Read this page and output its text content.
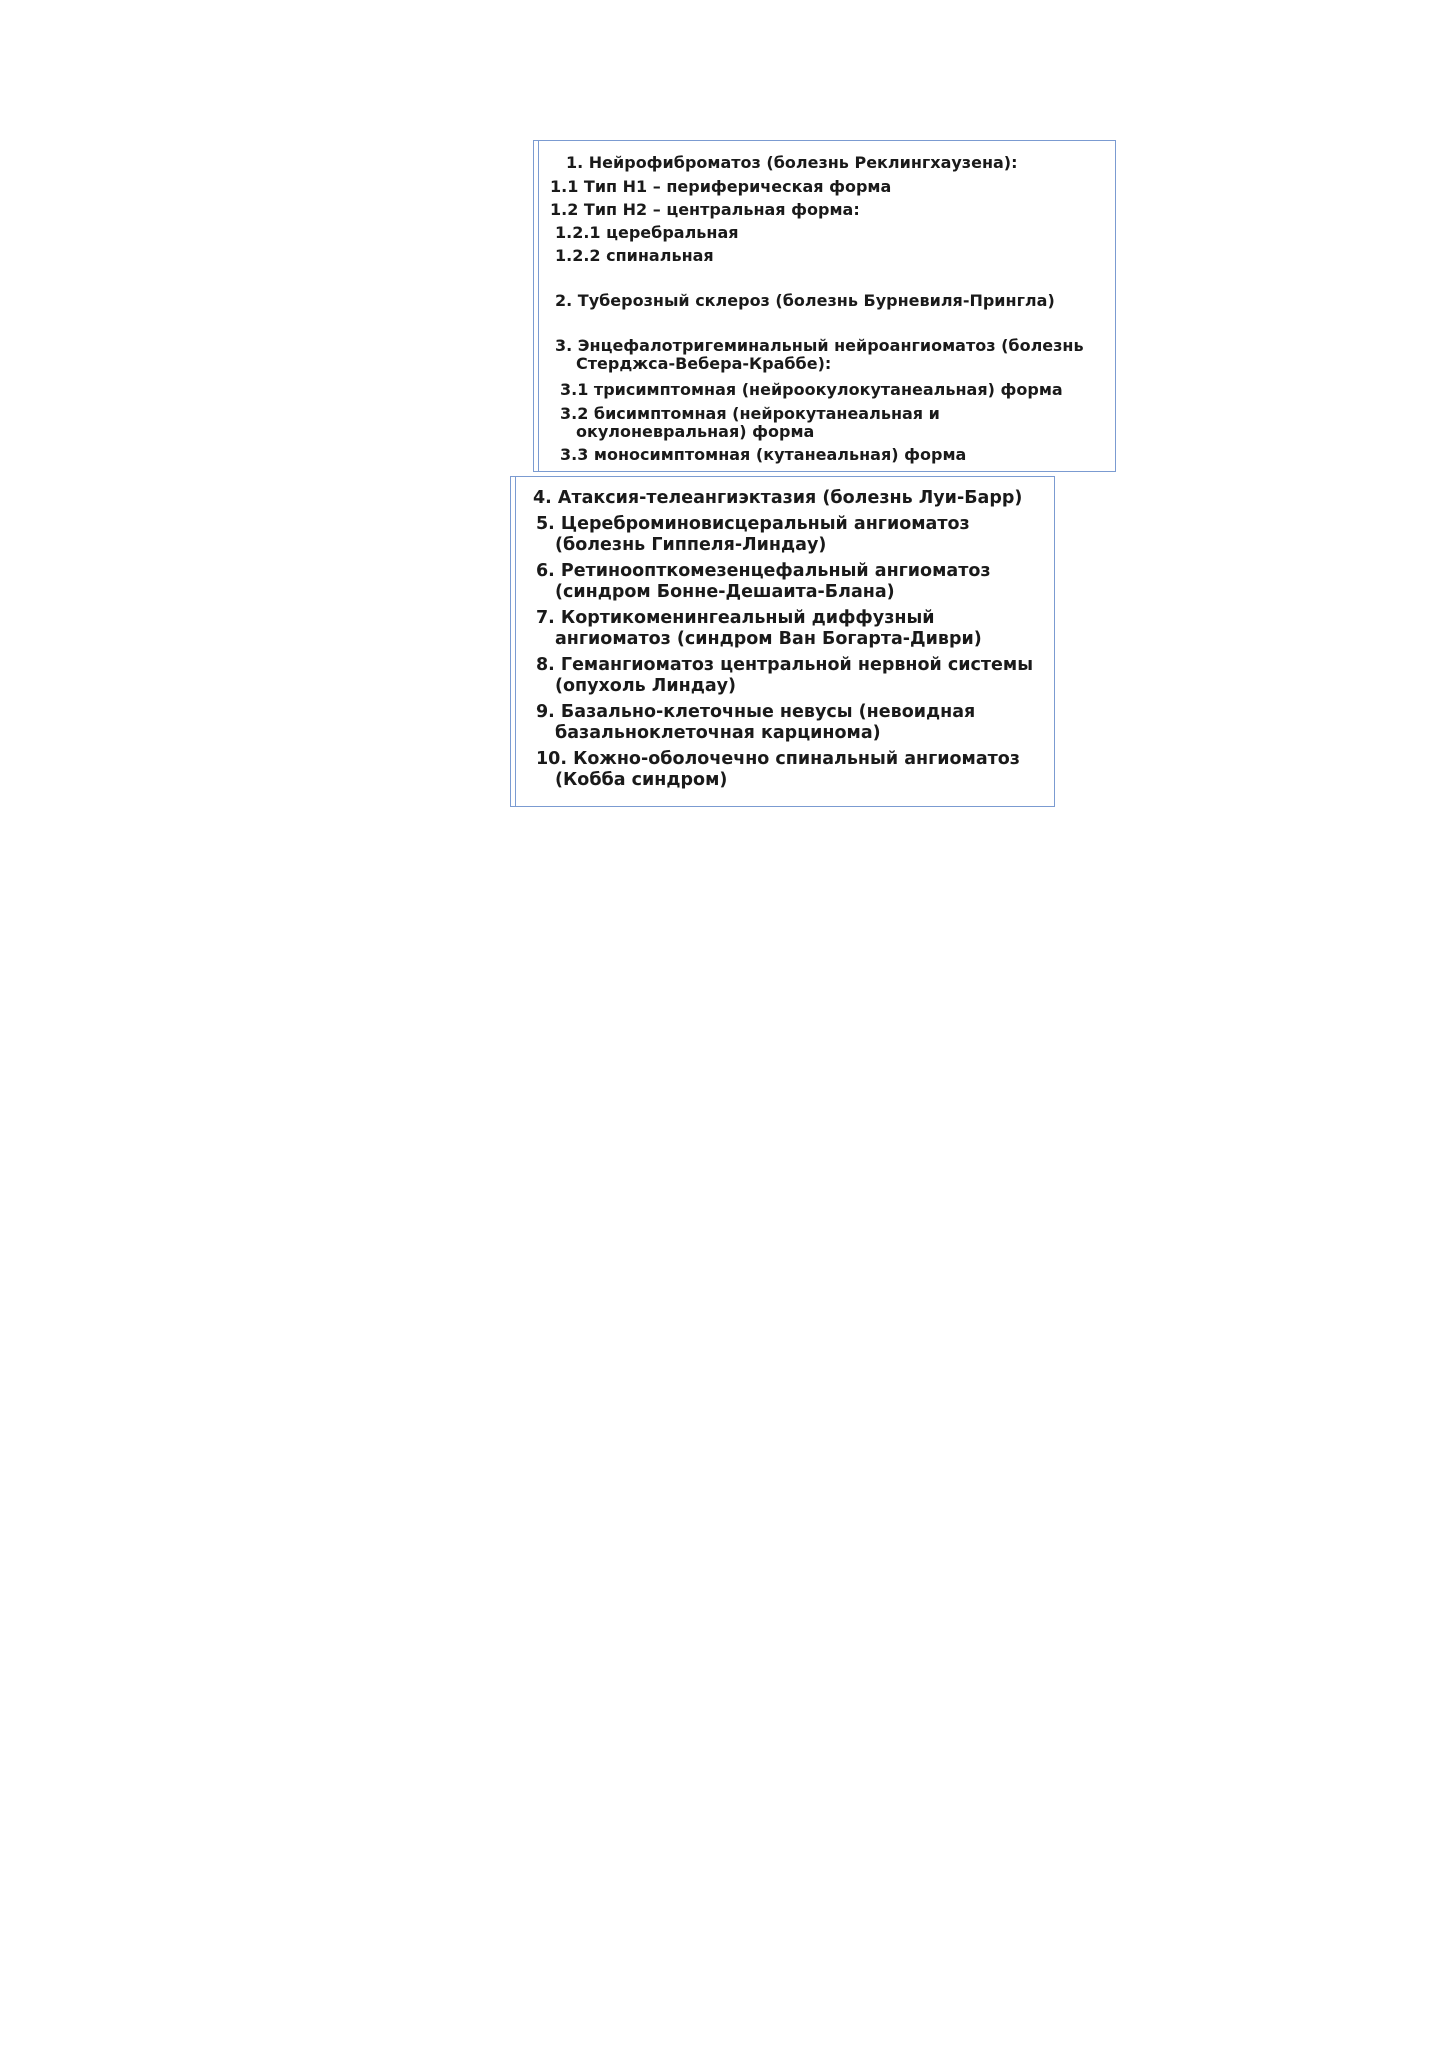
1. Нейрофиброматоз (болезнь Реклингхаузена):
1.1 Тип Н1 – периферическая форма
1.2 Тип Н2 – центральная форма:
1.2.1 церебральная
1.2.2 спинальная
2. Туберозный склероз (болезнь Бурневиля-Прингла)
3. Энцефалотригеминальный нейроангиоматоз (болезнь
Стерджса-Вебера-Краббе):
3.1 трисимптомная (нейроокулокутанеальная) форма
3.2 бисимптомная (нейрокутанеальная и
окулоневральная) форма
3.3 моносимптомная (кутанеальная) форма
4. Атаксия-телеангиэктазия (болезнь Луи-Барр)
5. Цереброминовисцеральный ангиоматоз
(болезнь Гиппеля-Линдау)
6. Ретиноопткомезенцефальный ангиоматоз
(синдром Бонне-Дешаита-Блана)
7. Кортикоменингеальный диффузный
ангиоматоз (синдром Ван Богарта-Диври)
8. Гемангиоматоз центральной нервной системы
(опухоль Линдау)
9. Базально-клеточные невусы (невоидная
базальноклеточная карцинома)
10. Кожно-оболочечно спинальный ангиоматоз
(Кобба синдром)
